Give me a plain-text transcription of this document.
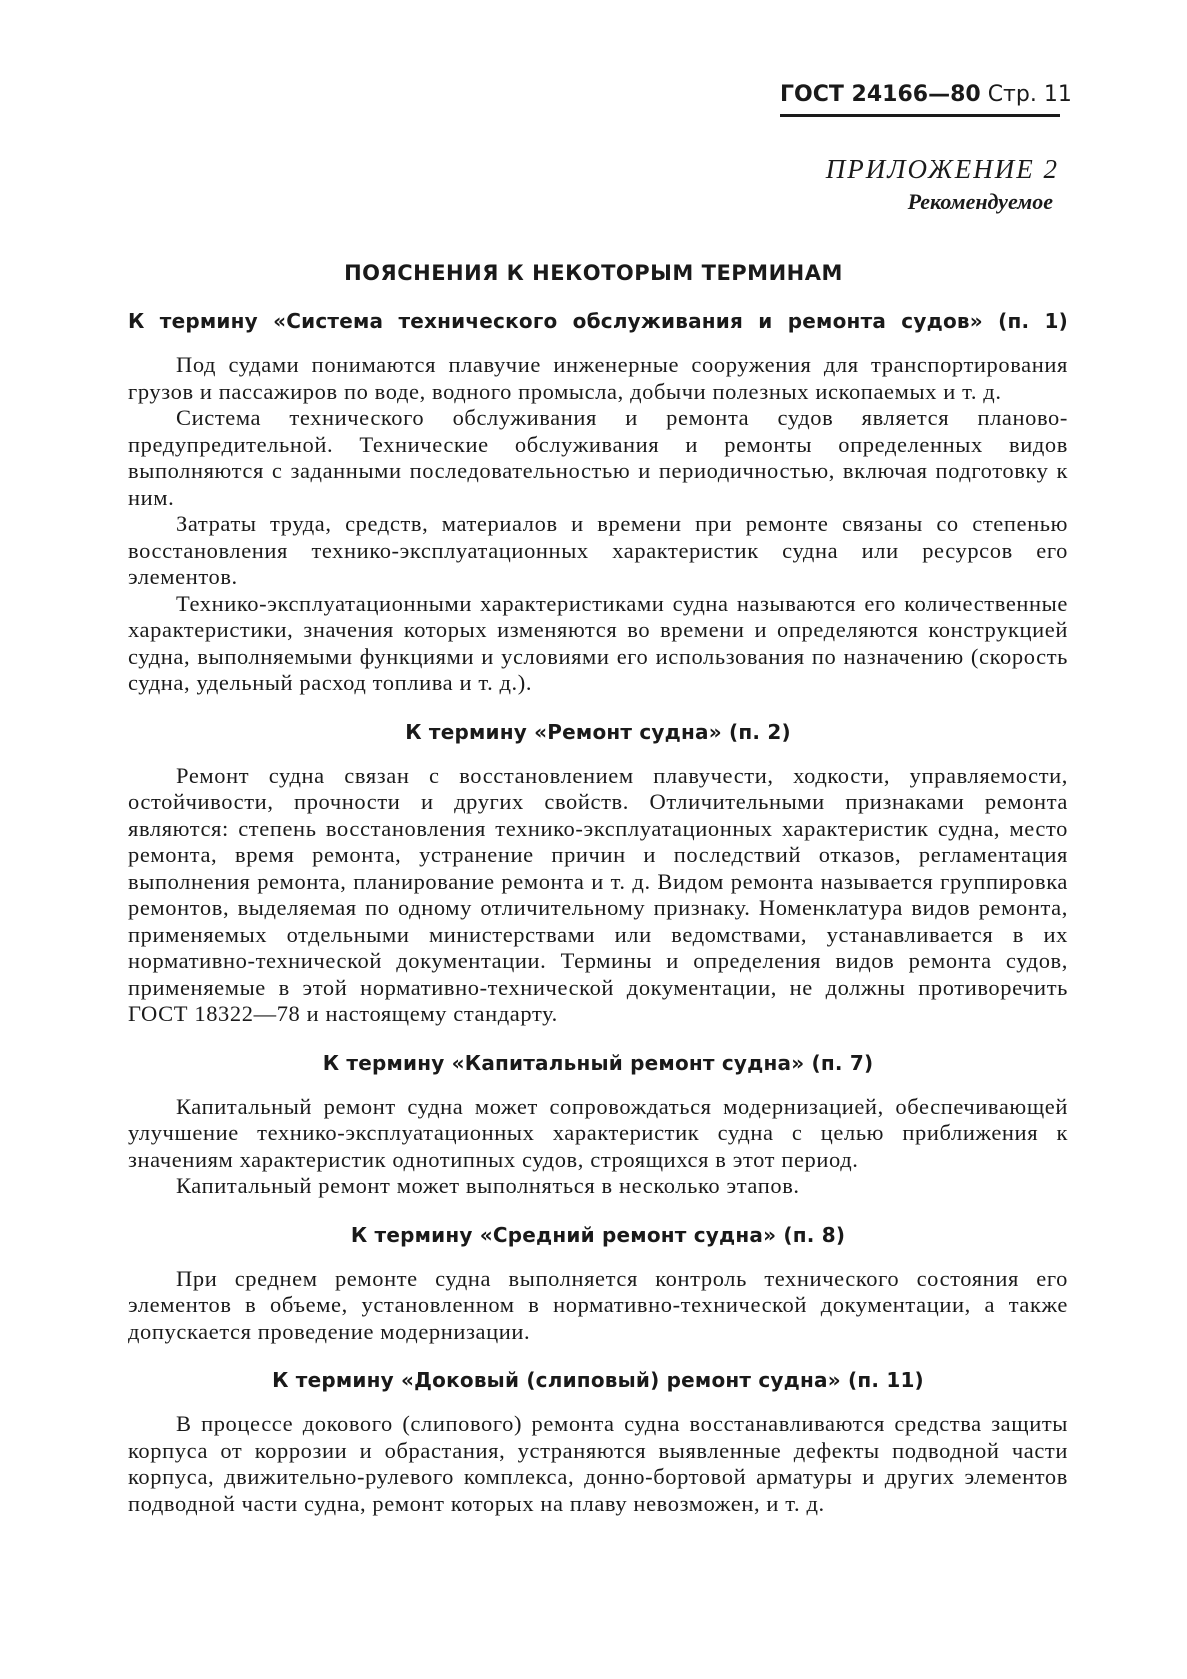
ГОСТ 24166—80 Стр. 11
ПРИЛОЖЕНИЕ 2
Рекомендуемое
ПОЯСНЕНИЯ К НЕКОТОРЫМ ТЕРМИНАМ
К термину «Система технического обслуживания и ремонта судов» (п. 1)

Под судами понимаются плавучие инженерные сооружения для транспортирования грузов и пассажиров по воде, водного промысла, добычи полезных ископаемых и т. д.

Система технического обслуживания и ремонта судов является планово-предупредительной. Технические обслуживания и ремонты определенных видов выполняются с заданными последовательностью и периодичностью, включая подготовку к ним.

Затраты труда, средств, материалов и времени при ремонте связаны со степенью восстановления технико-эксплуатационных характеристик судна или ресурсов его элементов.

Технико-эксплуатационными характеристиками судна называются его количественные характеристики, значения которых изменяются во времени и определяются конструкцией судна, выполняемыми функциями и условиями его использования по назначению (скорость судна, удельный расход топлива и т. д.).

К термину «Ремонт судна» (п. 2)

Ремонт судна связан с восстановлением плавучести, ходкости, управляемости, остойчивости, прочности и других свойств. Отличительными признаками ремонта являются: степень восстановления технико-эксплуатационных характеристик судна, место ремонта, время ремонта, устранение причин и последствий отказов, регламентация выполнения ремонта, планирование ремонта и т. д. Видом ремонта называется группировка ремонтов, выделяемая по одному отличительному признаку. Номенклатура видов ремонта, применяемых отдельными министерствами или ведомствами, устанавливается в их нормативно-технической документации. Термины и определения видов ремонта судов, применяемые в этой нормативно-технической документации, не должны противоречить ГОСТ 18322—78 и настоящему стандарту.

К термину «Капитальный ремонт судна» (п. 7)

Капитальный ремонт судна может сопровождаться модернизацией, обеспечивающей улучшение технико-эксплуатационных характеристик судна с целью приближения к значениям характеристик однотипных судов, строящихся в этот период.

Капитальный ремонт может выполняться в несколько этапов.

К термину «Средний ремонт судна» (п. 8)

При среднем ремонте судна выполняется контроль технического состояния его элементов в объеме, установленном в нормативно-технической документации, а также допускается проведение модернизации.

К термину «Доковый (слиповый) ремонт судна» (п. 11)

В процессе докового (слипового) ремонта судна восстанавливаются средства защиты корпуса от коррозии и обрастания, устраняются выявленные дефекты подводной части корпуса, движительно-рулевого комплекса, донно-бортовой арматуры и других элементов подводной части судна, ремонт которых на плаву невозможен, и т. д.
